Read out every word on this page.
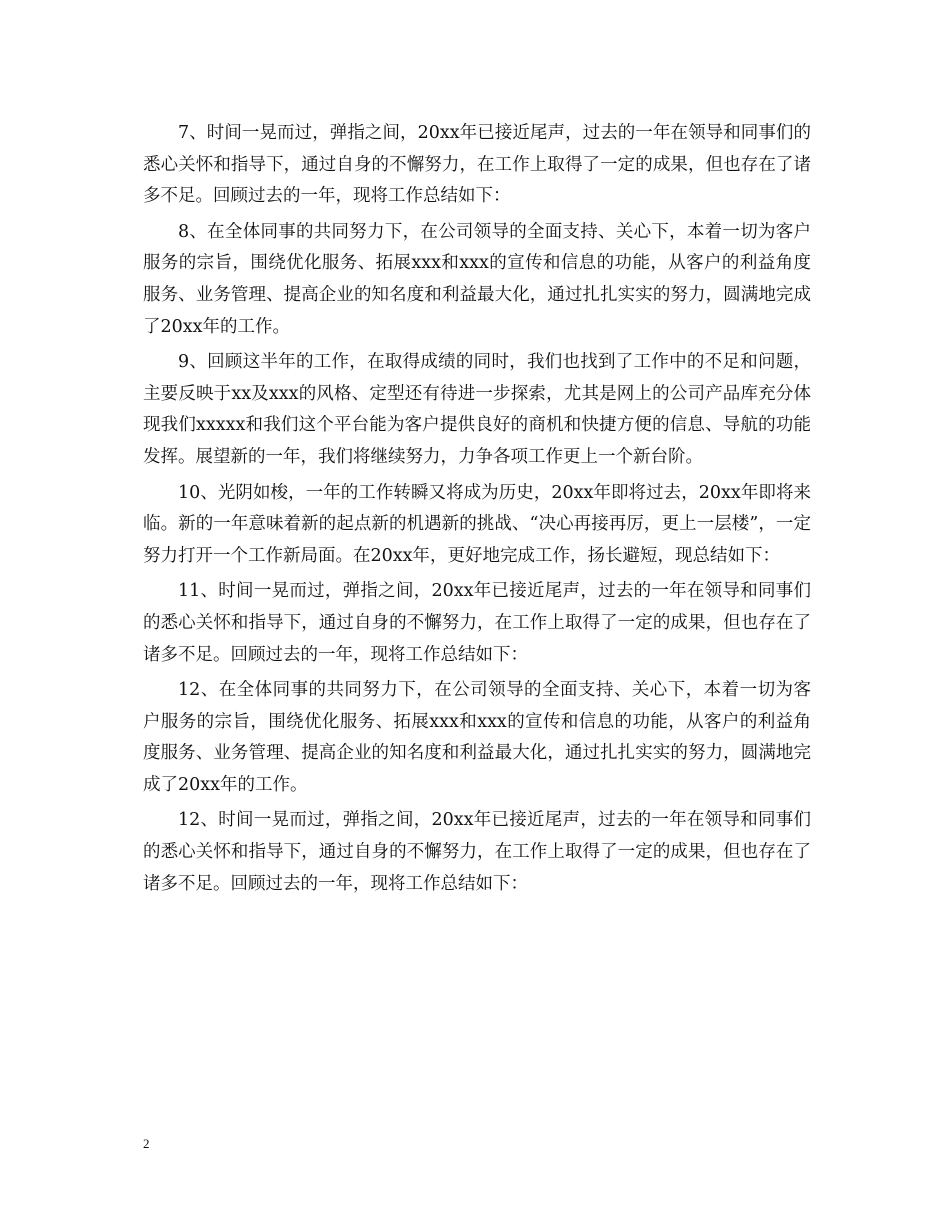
7、时间一晃而过，弹指之间，20xx年已接近尾声，过去的一年在领导和同事们的悉心关怀和指导下，通过自身的不懈努力，在工作上取得了一定的成果，但也存在了诸多不足。回顾过去的一年，现将工作总结如下：

8、在全体同事的共同努力下，在公司领导的全面支持、关心下，本着一切为客户服务的宗旨，围绕优化服务、拓展xxx和xxx的宣传和信息的功能，从客户的利益角度服务、业务管理、提高企业的知名度和利益最大化，通过扎扎实实的努力，圆满地完成了20xx年的工作。

9、回顾这半年的工作，在取得成绩的同时，我们也找到了工作中的不足和问题，主要反映于xx及xxx的风格、定型还有待进一步探索，尤其是网上的公司产品库充分体现我们xxxxx和我们这个平台能为客户提供良好的商机和快捷方便的信息、导航的功能发挥。展望新的一年，我们将继续努力，力争各项工作更上一个新台阶。

10、光阴如梭，一年的工作转瞬又将成为历史，20xx年即将过去，20xx年即将来临。新的一年意味着新的起点新的机遇新的挑战、“决心再接再厉，更上一层楼”，一定努力打开一个工作新局面。在20xx年，更好地完成工作，扬长避短，现总结如下：

11、时间一晃而过，弹指之间，20xx年已接近尾声，过去的一年在领导和同事们的悉心关怀和指导下，通过自身的不懈努力，在工作上取得了一定的成果，但也存在了诸多不足。回顾过去的一年，现将工作总结如下：

12、在全体同事的共同努力下，在公司领导的全面支持、关心下，本着一切为客户服务的宗旨，围绕优化服务、拓展xxx和xxx的宣传和信息的功能，从客户的利益角度服务、业务管理、提高企业的知名度和利益最大化，通过扎扎实实的努力，圆满地完成了20xx年的工作。

12、时间一晃而过，弹指之间，20xx年已接近尾声，过去的一年在领导和同事们的悉心关怀和指导下，通过自身的不懈努力，在工作上取得了一定的成果，但也存在了诸多不足。回顾过去的一年，现将工作总结如下：

2
